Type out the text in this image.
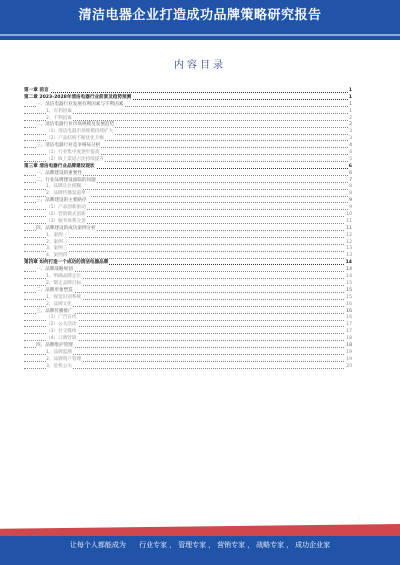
清洁电器企业打造成功品牌策略研究报告
内容目录
第一章 前言	1
第二章 2023-2028年清洁电器行业前景及趋势预测	1
一、清洁电器行业发展有利因素与不利因素	1
1、有利因素	1
2、不利因素	2
二、清洁电器行业市场规模及发展趋势	2
（1）清洁电器市场规模持续扩大	3
（2）产品结构不断优化升级	3
三、清洁电器行业竞争格局分析	4
（1）行业集中度逐步提高	4
（2）线上渠道占比持续提升	5
第三章 清洁电器行业品牌建设现状	6
一、品牌建设的重要性	6
二、行业品牌建设面临的问题	7
1、品牌定位模糊	8
2、品牌传播渠道单一	8
三、品牌建设的主要路径	9
（1）产品创新驱动	9
（2）营销模式创新	10
（3）服务体系完善	11
四、品牌建设的成功案例分析	11
1、案例一	12
2、案例二	12
3、案例三	13
4、案例四	13
第四章 如何打造一个成功的清洁电器品牌	14
一、品牌战略规划	14
1、明确品牌定位	14
2、制定品牌目标	15
二、品牌形象塑造	15
1、视觉识别系统	15
2、品牌文化	16
三、品牌传播推广	16
（1）广告宣传	16
（2）公关活动	17
（3）社交媒体	17
（4）口碑营销	18
四、品牌维护管理	18
1、品牌监测	19
2、品牌资产管理	19
3、危机公关	20
·
让每个人都能成为 行业专家 ， 管理专家 ， 营销专家 ， 战略专家 ， 成功企业家
